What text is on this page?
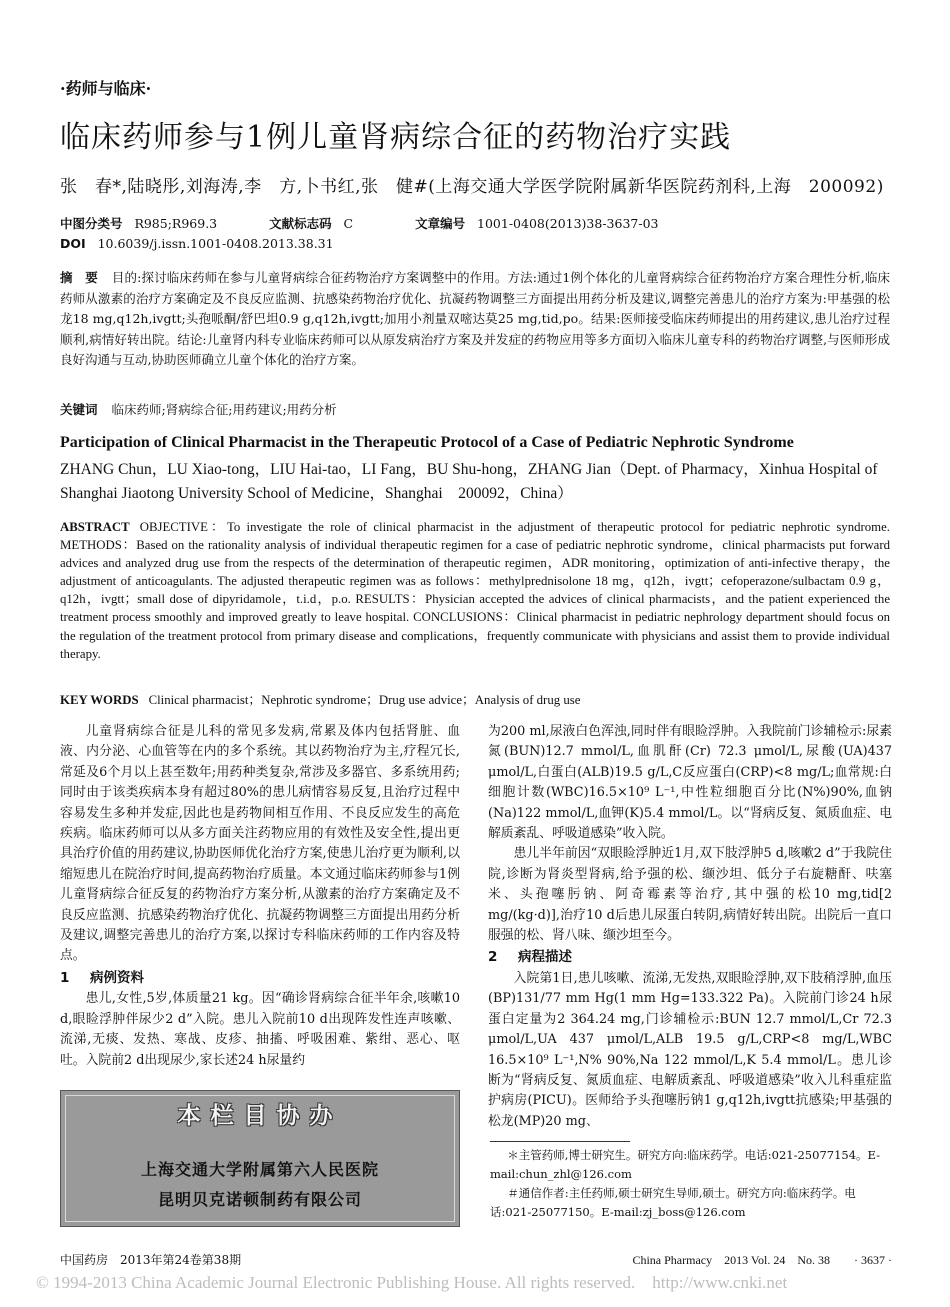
·药师与临床·
临床药师参与1例儿童肾病综合征的药物治疗实践
张　春*,陆晓彤,刘海涛,李　方,卜书红,张　健#(上海交通大学医学院附属新华医院药剂科,上海　200092)
中图分类号 R985;R969.3	文献标志码 C	文章编号 1001-0408(2013)38-3637-03
DOI 10.6039/j.issn.1001-0408.2013.38.31
摘　要 目的:探讨临床药师在参与儿童肾病综合征药物治疗方案调整中的作用。方法:通过1例个体化的儿童肾病综合征药物治疗方案合理性分析,临床药师从激素的治疗方案确定及不良反应监测、抗感染药物治疗优化、抗凝药物调整三方面提出用药分析及建议,调整完善患儿的治疗方案为:甲基强的松龙18 mg,q12h,ivgtt;头孢哌酮/舒巴坦0.9 g,q12h,ivgtt;加用小剂量双嘧达莫25 mg,tid,po。结果:医师接受临床药师提出的用药建议,患儿治疗过程顺利,病情好转出院。结论:儿童肾内科专业临床药师可以从原发病治疗方案及并发症的药物应用等多方面切入临床儿童专科的药物治疗调整,与医师形成良好沟通与互动,协助医师确立儿童个体化的治疗方案。
关键词 临床药师;肾病综合征;用药建议;用药分析
Participation of Clinical Pharmacist in the Therapeutic Protocol of a Case of Pediatric Nephrotic Syndrome
ZHANG Chun，LU Xiao-tong，LIU Hai-tao，LI Fang，BU Shu-hong，ZHANG Jian（Dept. of Pharmacy，Xinhua Hospital of Shanghai Jiaotong University School of Medicine，Shanghai　200092，China）
ABSTRACT OBJECTIVE：To investigate the role of clinical pharmacist in the adjustment of therapeutic protocol for pediatric nephrotic syndrome. METHODS：Based on the rationality analysis of individual therapeutic regimen for a case of pediatric nephrotic syndrome，clinical pharmacists put forward advices and analyzed drug use from the respects of the determination of therapeutic regimen，ADR monitoring，optimization of anti-infective therapy，the adjustment of anticoagulants. The adjusted therapeutic regimen was as follows：methylprednisolone 18 mg，q12h，ivgtt；cefoperazone/sulbactam 0.9 g，q12h，ivgtt；small dose of dipyridamole，t.i.d，p.o. RESULTS：Physician accepted the advices of clinical pharmacists，and the patient experienced the treatment process smoothly and improved greatly to leave hospital. CONCLUSIONS：Clinical pharmacist in pediatric nephrology department should focus on the regulation of the treatment protocol from primary disease and complications，frequently communicate with physicians and assist them to provide individual therapy.
KEY WORDS Clinical pharmacist；Nephrotic syndrome；Drug use advice；Analysis of drug use

儿童肾病综合征是儿科的常见多发病,常累及体内包括肾脏、血液、内分泌、心血管等在内的多个系统。其以药物治疗为主,疗程冗长,常延及6个月以上甚至数年;用药种类复杂,常涉及多器官、多系统用药;同时由于该类疾病本身有超过80%的患儿病情容易反复,且治疗过程中容易发生多种并发症,因此也是药物间相互作用、不良反应发生的高危疾病。临床药师可以从多方面关注药物应用的有效性及安全性,提出更具治疗价值的用药建议,协助医师优化治疗方案,使患儿治疗更为顺利,以缩短患儿在院治疗时间,提高药物治疗质量。本文通过临床药师参与1例儿童肾病综合征反复的药物治疗方案分析,从激素的治疗方案确定及不良反应监测、抗感染药物治疗优化、抗凝药物调整三方面提出用药分析及建议,调整完善患儿的治疗方案,以探讨专科临床药师的工作内容及特点。

1 病例资料

患儿,女性,5岁,体质量21 kg。因“确诊肾病综合征半年余,咳嗽10 d,眼睑浮肿伴尿少2 d”入院。患儿入院前10 d出现阵发性连声咳嗽、流涕,无痰、发热、寒战、皮疹、抽搐、呼吸困难、紫绀、恶心、呕吐。入院前2 d出现尿少,家长述24 h尿量约

为200 ml,尿液白色浑浊,同时伴有眼睑浮肿。入我院前门诊辅检示:尿素氮(BUN)12.7 mmol/L,血肌酐(Cr) 72.3 μmol/L,尿酸(UA)437 μmol/L,白蛋白(ALB)19.5 g/L,C反应蛋白(CRP)<8 mg/L;血常规:白细胞计数(WBC)16.5×10⁹ L⁻¹,中性粒细胞百分比(N%)90%,血钠(Na)122 mmol/L,血钾(K)5.4 mmol/L。以“肾病反复、氮质血症、电解质紊乱、呼吸道感染”收入院。

患儿半年前因“双眼睑浮肿近1月,双下肢浮肿5 d,咳嗽2 d”于我院住院,诊断为肾炎型肾病,给予强的松、缬沙坦、低分子右旋糖酐、呋塞米、头孢噻肟钠、阿奇霉素等治疗,其中强的松10 mg,tid[2 mg/(kg·d)],治疗10 d后患儿尿蛋白转阴,病情好转出院。出院后一直口服强的松、肾八味、缬沙坦至今。

2 病程描述

入院第1日,患儿咳嗽、流涕,无发热,双眼睑浮肿,双下肢稍浮肿,血压(BP)131/77 mm Hg(1 mm Hg=133.322 Pa)。入院前门诊24 h尿蛋白定量为2 364.24 mg,门诊辅检示:BUN 12.7 mmol/L,Cr 72.3 μmol/L,UA 437 μmol/L,ALB 19.5 g/L,CRP<8 mg/L,WBC 16.5×10⁹ L⁻¹,N% 90%,Na 122 mmol/L,K 5.4 mmol/L。患儿诊断为“肾病反复、氮质血症、电解质紊乱、呼吸道感染”收入儿科重症监护病房(PICU)。医师给予头孢噻肟钠1 g,q12h,ivgtt抗感染;甲基强的松龙(MP)20 mg、

本栏目协办
上海交通大学附属第六人民医院
昆明贝克诺顿制药有限公司

＊主管药师,博士研究生。研究方向:临床药学。电话:021-25077154。E-mail:chun_zhl@126.com

＃通信作者:主任药师,硕士研究生导师,硕士。研究方向:临床药学。电话:021-25077150。E-mail:zj_boss@126.com

中国药房　2013年第24卷第38期	China Pharmacy　2013 Vol. 24　No. 38　　· 3637 ·
© 1994-2013 China Academic Journal Electronic Publishing House. All rights reserved.　http://www.cnki.net
